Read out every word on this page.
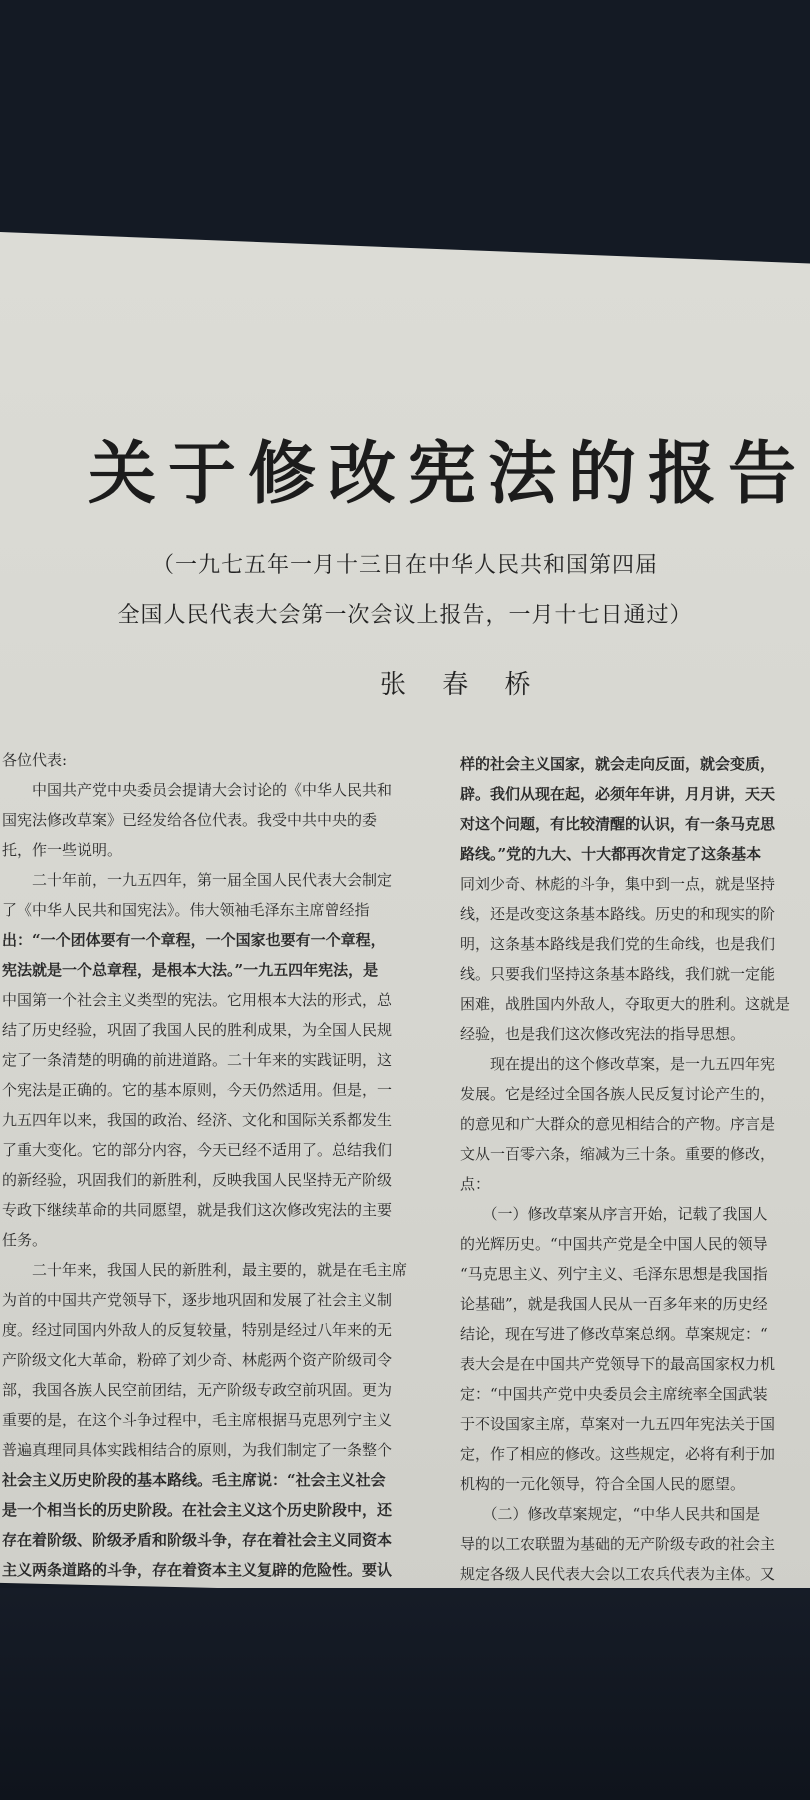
关于修改宪法的报告
（一九七五年一月十三日在中华人民共和国第四届
全国人民代表大会第一次会议上报告，一月十七日通过）
张 春 桥

各位代表:

　　中国共产党中央委员会提请大会讨论的《中华人民共和

国宪法修改草案》已经发给各位代表。我受中共中央的委

托，作一些说明。

　　二十年前，一九五四年，第一届全国人民代表大会制定

了《中华人民共和国宪法》。伟大领袖毛泽东主席曾经指

出：“一个团体要有一个章程，一个国家也要有一个章程，

宪法就是一个总章程，是根本大法。”一九五四年宪法，是

中国第一个社会主义类型的宪法。它用根本大法的形式，总

结了历史经验，巩固了我国人民的胜利成果，为全国人民规

定了一条清楚的明确的前进道路。二十年来的实践证明，这

个宪法是正确的。它的基本原则，今天仍然适用。但是，一

九五四年以来，我国的政治、经济、文化和国际关系都发生

了重大变化。它的部分内容，今天已经不适用了。总结我们

的新经验，巩固我们的新胜利，反映我国人民坚持无产阶级

专政下继续革命的共同愿望，就是我们这次修改宪法的主要

任务。

　　二十年来，我国人民的新胜利，最主要的，就是在毛主席

为首的中国共产党领导下，逐步地巩固和发展了社会主义制

度。经过同国内外敌人的反复较量，特别是经过八年来的无

产阶级文化大革命，粉碎了刘少奇、林彪两个资产阶级司令

部，我国各族人民空前团结，无产阶级专政空前巩固。更为

重要的是，在这个斗争过程中，毛主席根据马克思列宁主义

普遍真理同具体实践相结合的原则，为我们制定了一条整个

社会主义历史阶段的基本路线。毛主席说：“社会主义社会

是一个相当长的历史阶段。在社会主义这个历史阶段中，还

存在着阶级、阶级矛盾和阶级斗争，存在着社会主义同资本

主义两条道路的斗争，存在着资本主义复辟的危险性。要认

样的社会主义国家，就会走向反面，就会变质，

辟。我们从现在起，必须年年讲，月月讲，天天

对这个问题，有比较清醒的认识，有一条马克思

路线。”党的九大、十大都再次肯定了这条基本

同刘少奇、林彪的斗争，集中到一点，就是坚持

线，还是改变这条基本路线。历史的和现实的阶

明，这条基本路线是我们党的生命线，也是我们

线。只要我们坚持这条基本路线，我们就一定能

困难，战胜国内外敌人，夺取更大的胜利。这就是

经验，也是我们这次修改宪法的指导思想。

　　现在提出的这个修改草案，是一九五四年宪

发展。它是经过全国各族人民反复讨论产生的，

的意见和广大群众的意见相结合的产物。序言是

文从一百零六条，缩减为三十条。重要的修改，

点：

　　（一）修改草案从序言开始，记载了我国人

的光辉历史。“中国共产党是全中国人民的领导

“马克思主义、列宁主义、毛泽东思想是我国指

论基础”，就是我国人民从一百多年来的历史经

结论，现在写进了修改草案总纲。草案规定：“

表大会是在中国共产党领导下的最高国家权力机

定：“中国共产党中央委员会主席统率全国武装

于不设国家主席，草案对一九五四年宪法关于国

定，作了相应的修改。这些规定，必将有利于加

机构的一元化领导，符合全国人民的愿望。

　　（二）修改草案规定，“中华人民共和国是

导的以工农联盟为基础的无产阶级专政的社会主

规定各级人民代表大会以工农兵代表为主体。又
